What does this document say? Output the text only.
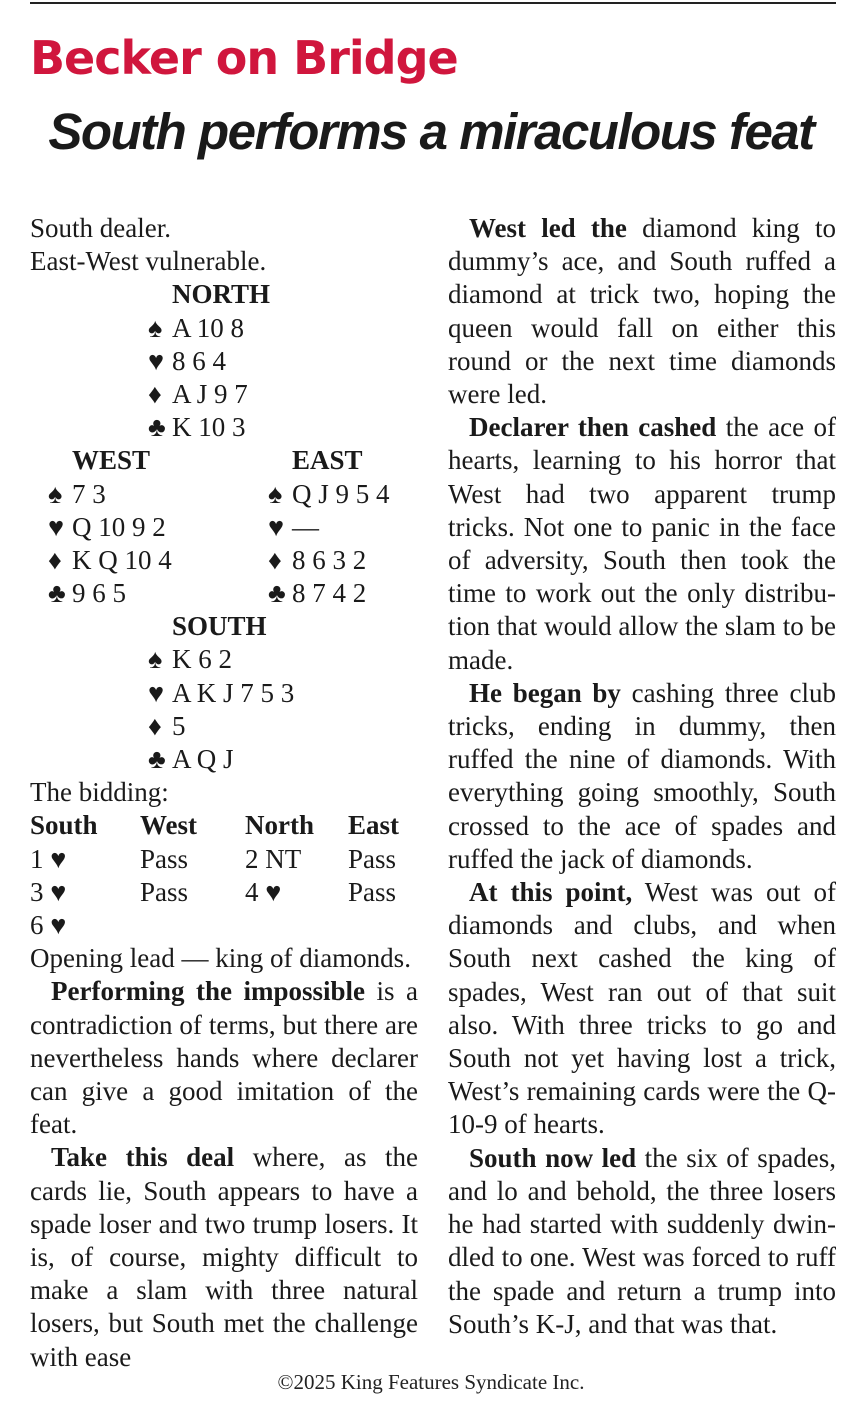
Becker on Bridge
South performs a miraculous feat
South dealer.
East-West vulnerable.
NORTH
♠ A 10 8
♥ 8 6 4
♦ A J 9 7
♣ K 10 3
WEST	EAST
♠ 7 3	♠ Q J 9 5 4
♥ Q 10 9 2	♥ —
♦ K Q 10 4	♦ 8 6 3 2
♣ 9 6 5	♣ 8 7 4 2
SOUTH
♠ K 6 2
♥ A K J 7 5 3
♦ 5
♣ A Q J
The bidding:
South	West	North	East
1 ♥	Pass	2 NT	Pass
3 ♥	Pass	4 ♥	Pass
6 ♥
Opening lead — king of diamonds.

Performing the impossible is a contradiction of terms, but there are nevertheless hands where declarer can give a good imitation of the feat.

Take this deal where, as the cards lie, South appears to have a spade loser and two trump losers. It is, of course, mighty difficult to make a slam with three natural losers, but South met the challenge with ease

West led the diamond king to dummy’s ace, and South ruffed a diamond at trick two, hoping the queen would fall on either this round or the next time diamonds were led.

Declarer then cashed the ace of hearts, learning to his horror that West had two apparent trump tricks. Not one to panic in the face of adversity, South then took the time to work out the only distribution that would allow the slam to be made.

He began by cashing three club tricks, ending in dummy, then ruffed the nine of diamonds. With everything going smoothly, South crossed to the ace of spades and ruffed the jack of diamonds.

At this point, West was out of diamonds and clubs, and when South next cashed the king of spades, West ran out of that suit also. With three tricks to go and South not yet having lost a trick, West’s remaining cards were the Q-10-9 of hearts.

South now led the six of spades, and lo and behold, the three losers he had started with suddenly dwindled to one. West was forced to ruff the spade and return a trump into South’s K-J, and that was that.

©2025 King Features Syndicate Inc.
